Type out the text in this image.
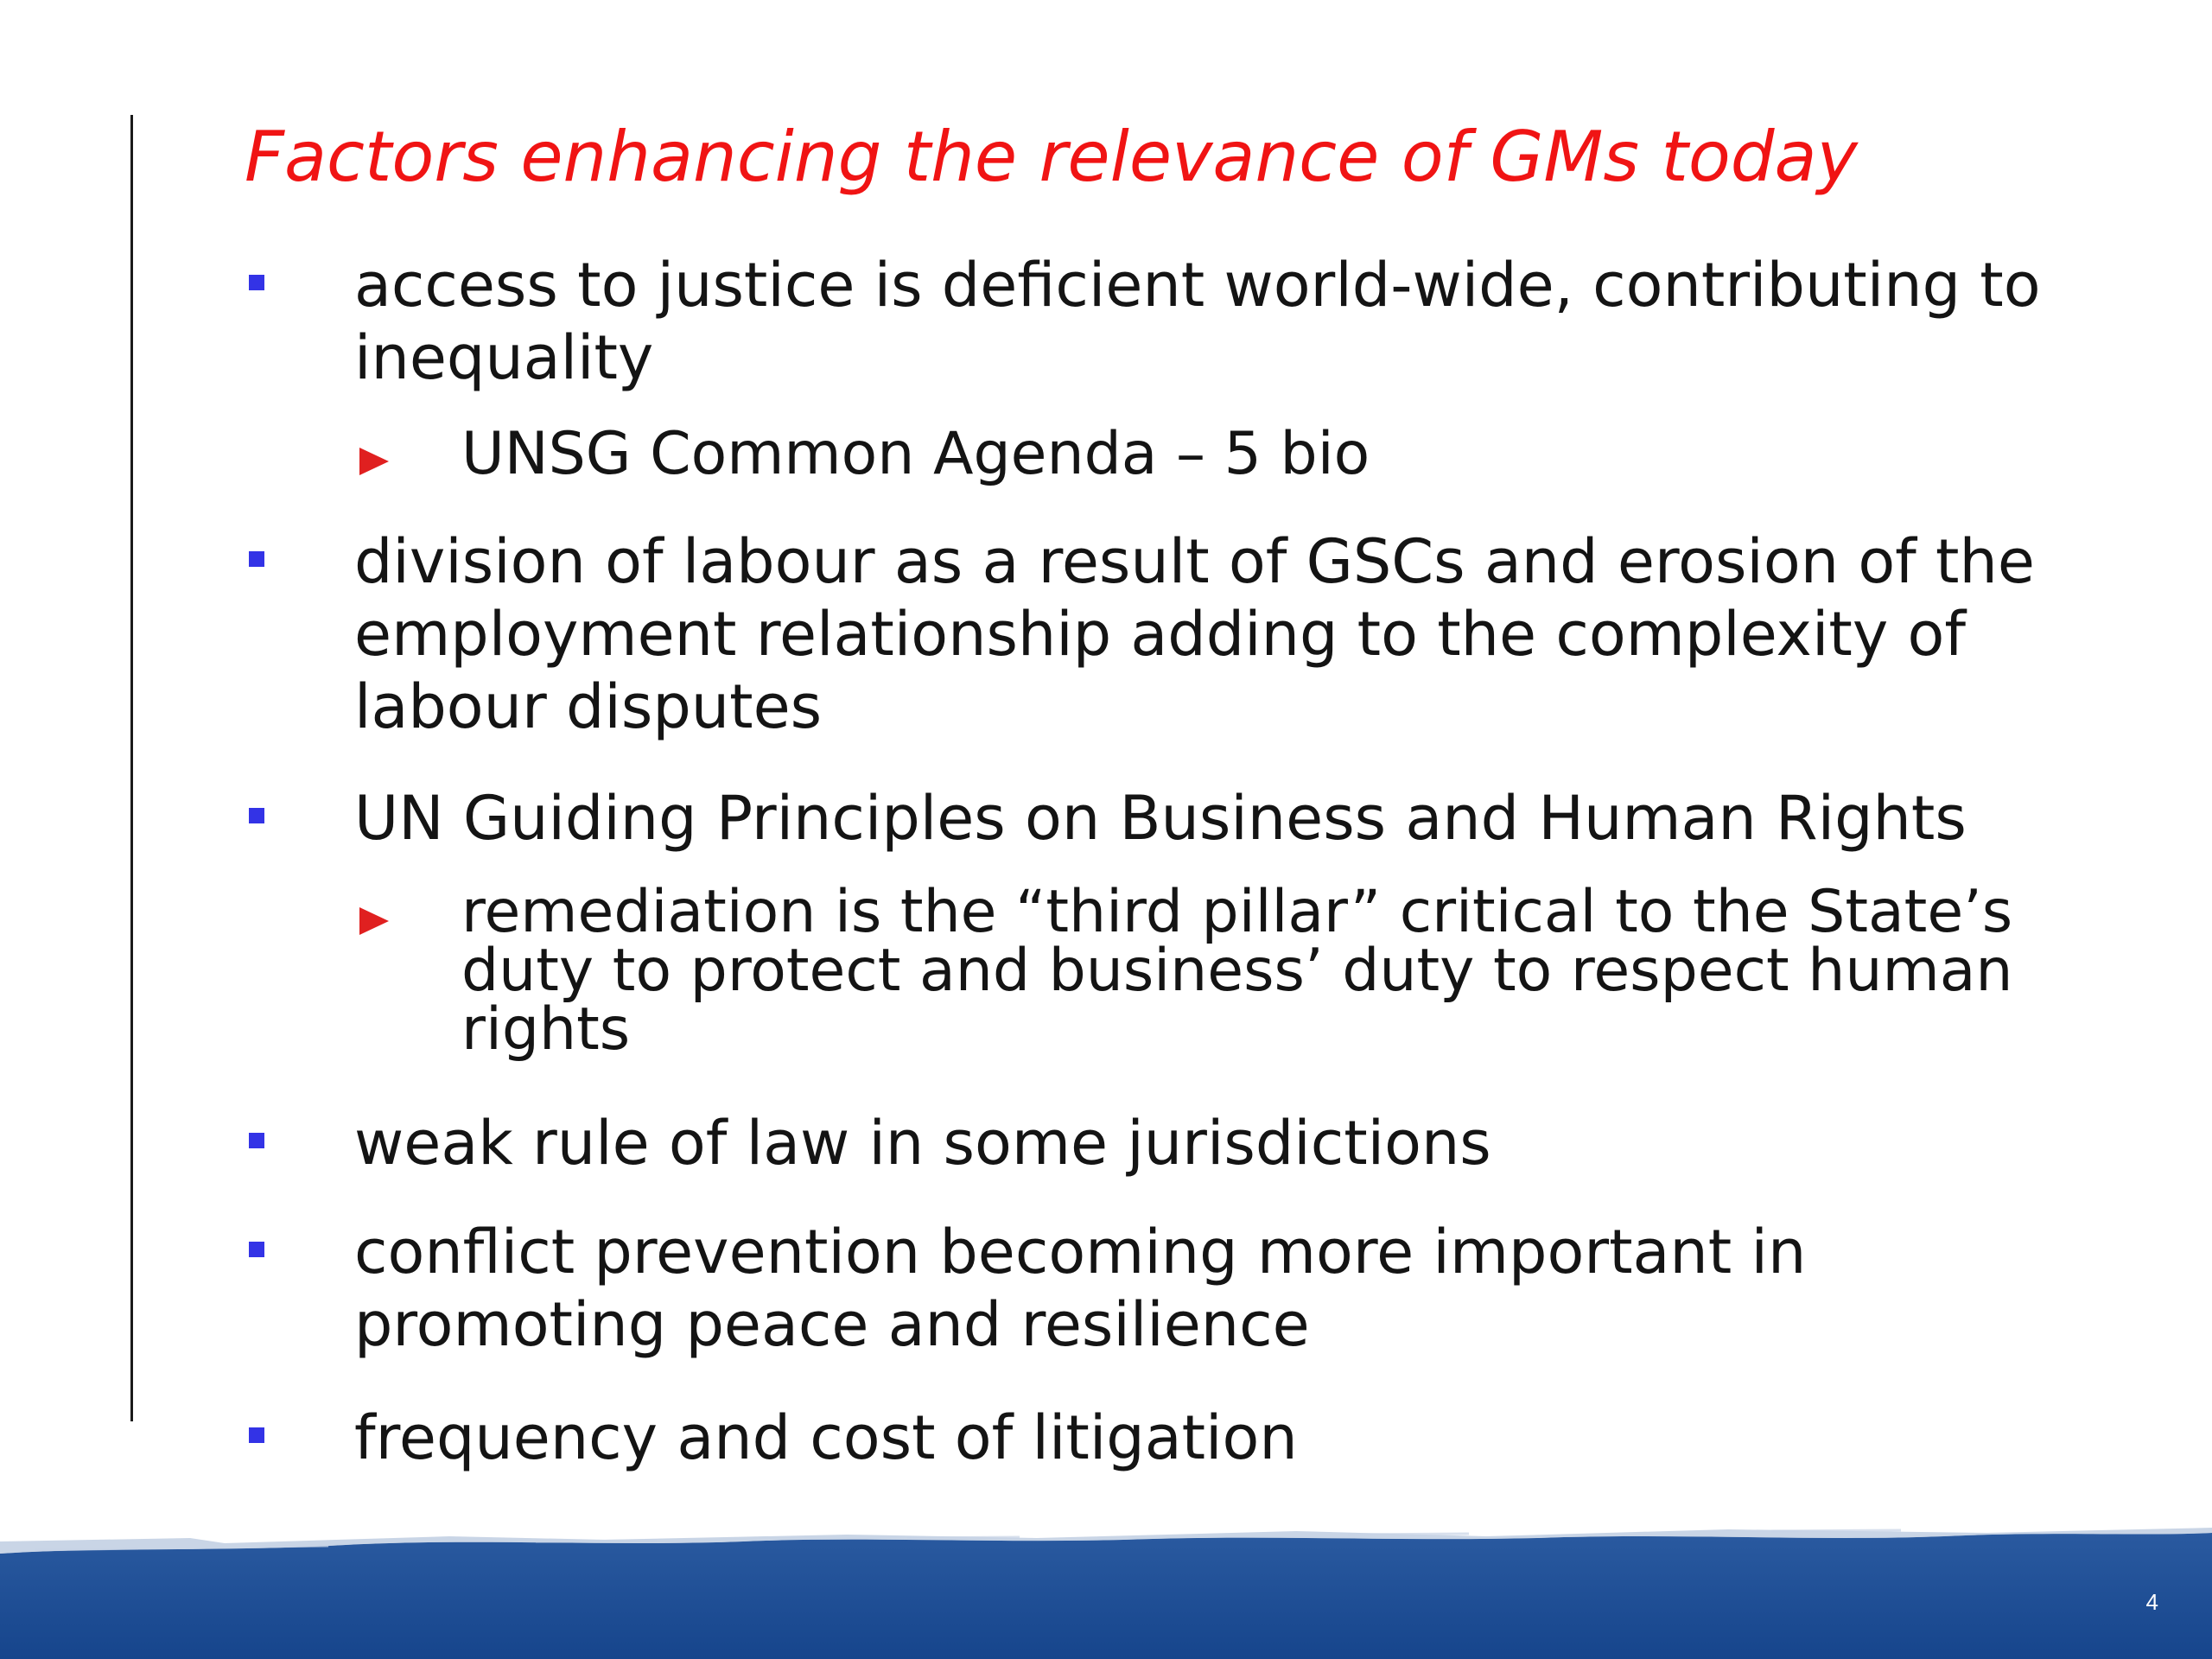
Factors enhancing the relevance of GMs today

access to justice is deficient world-wide, contributing to inequality

UNSG Common Agenda – 5 bio

division of labour as a result of GSCs and erosion of the employment relationship adding to the complexity of labour disputes

UN Guiding Principles on Business and Human Rights

remediation is the “third pillar” critical to the State’s duty to protect and business’ duty to respect human rights

weak rule of law in some jurisdictions

conflict prevention becoming more important in promoting peace and resilience

frequency and cost of litigation

4
